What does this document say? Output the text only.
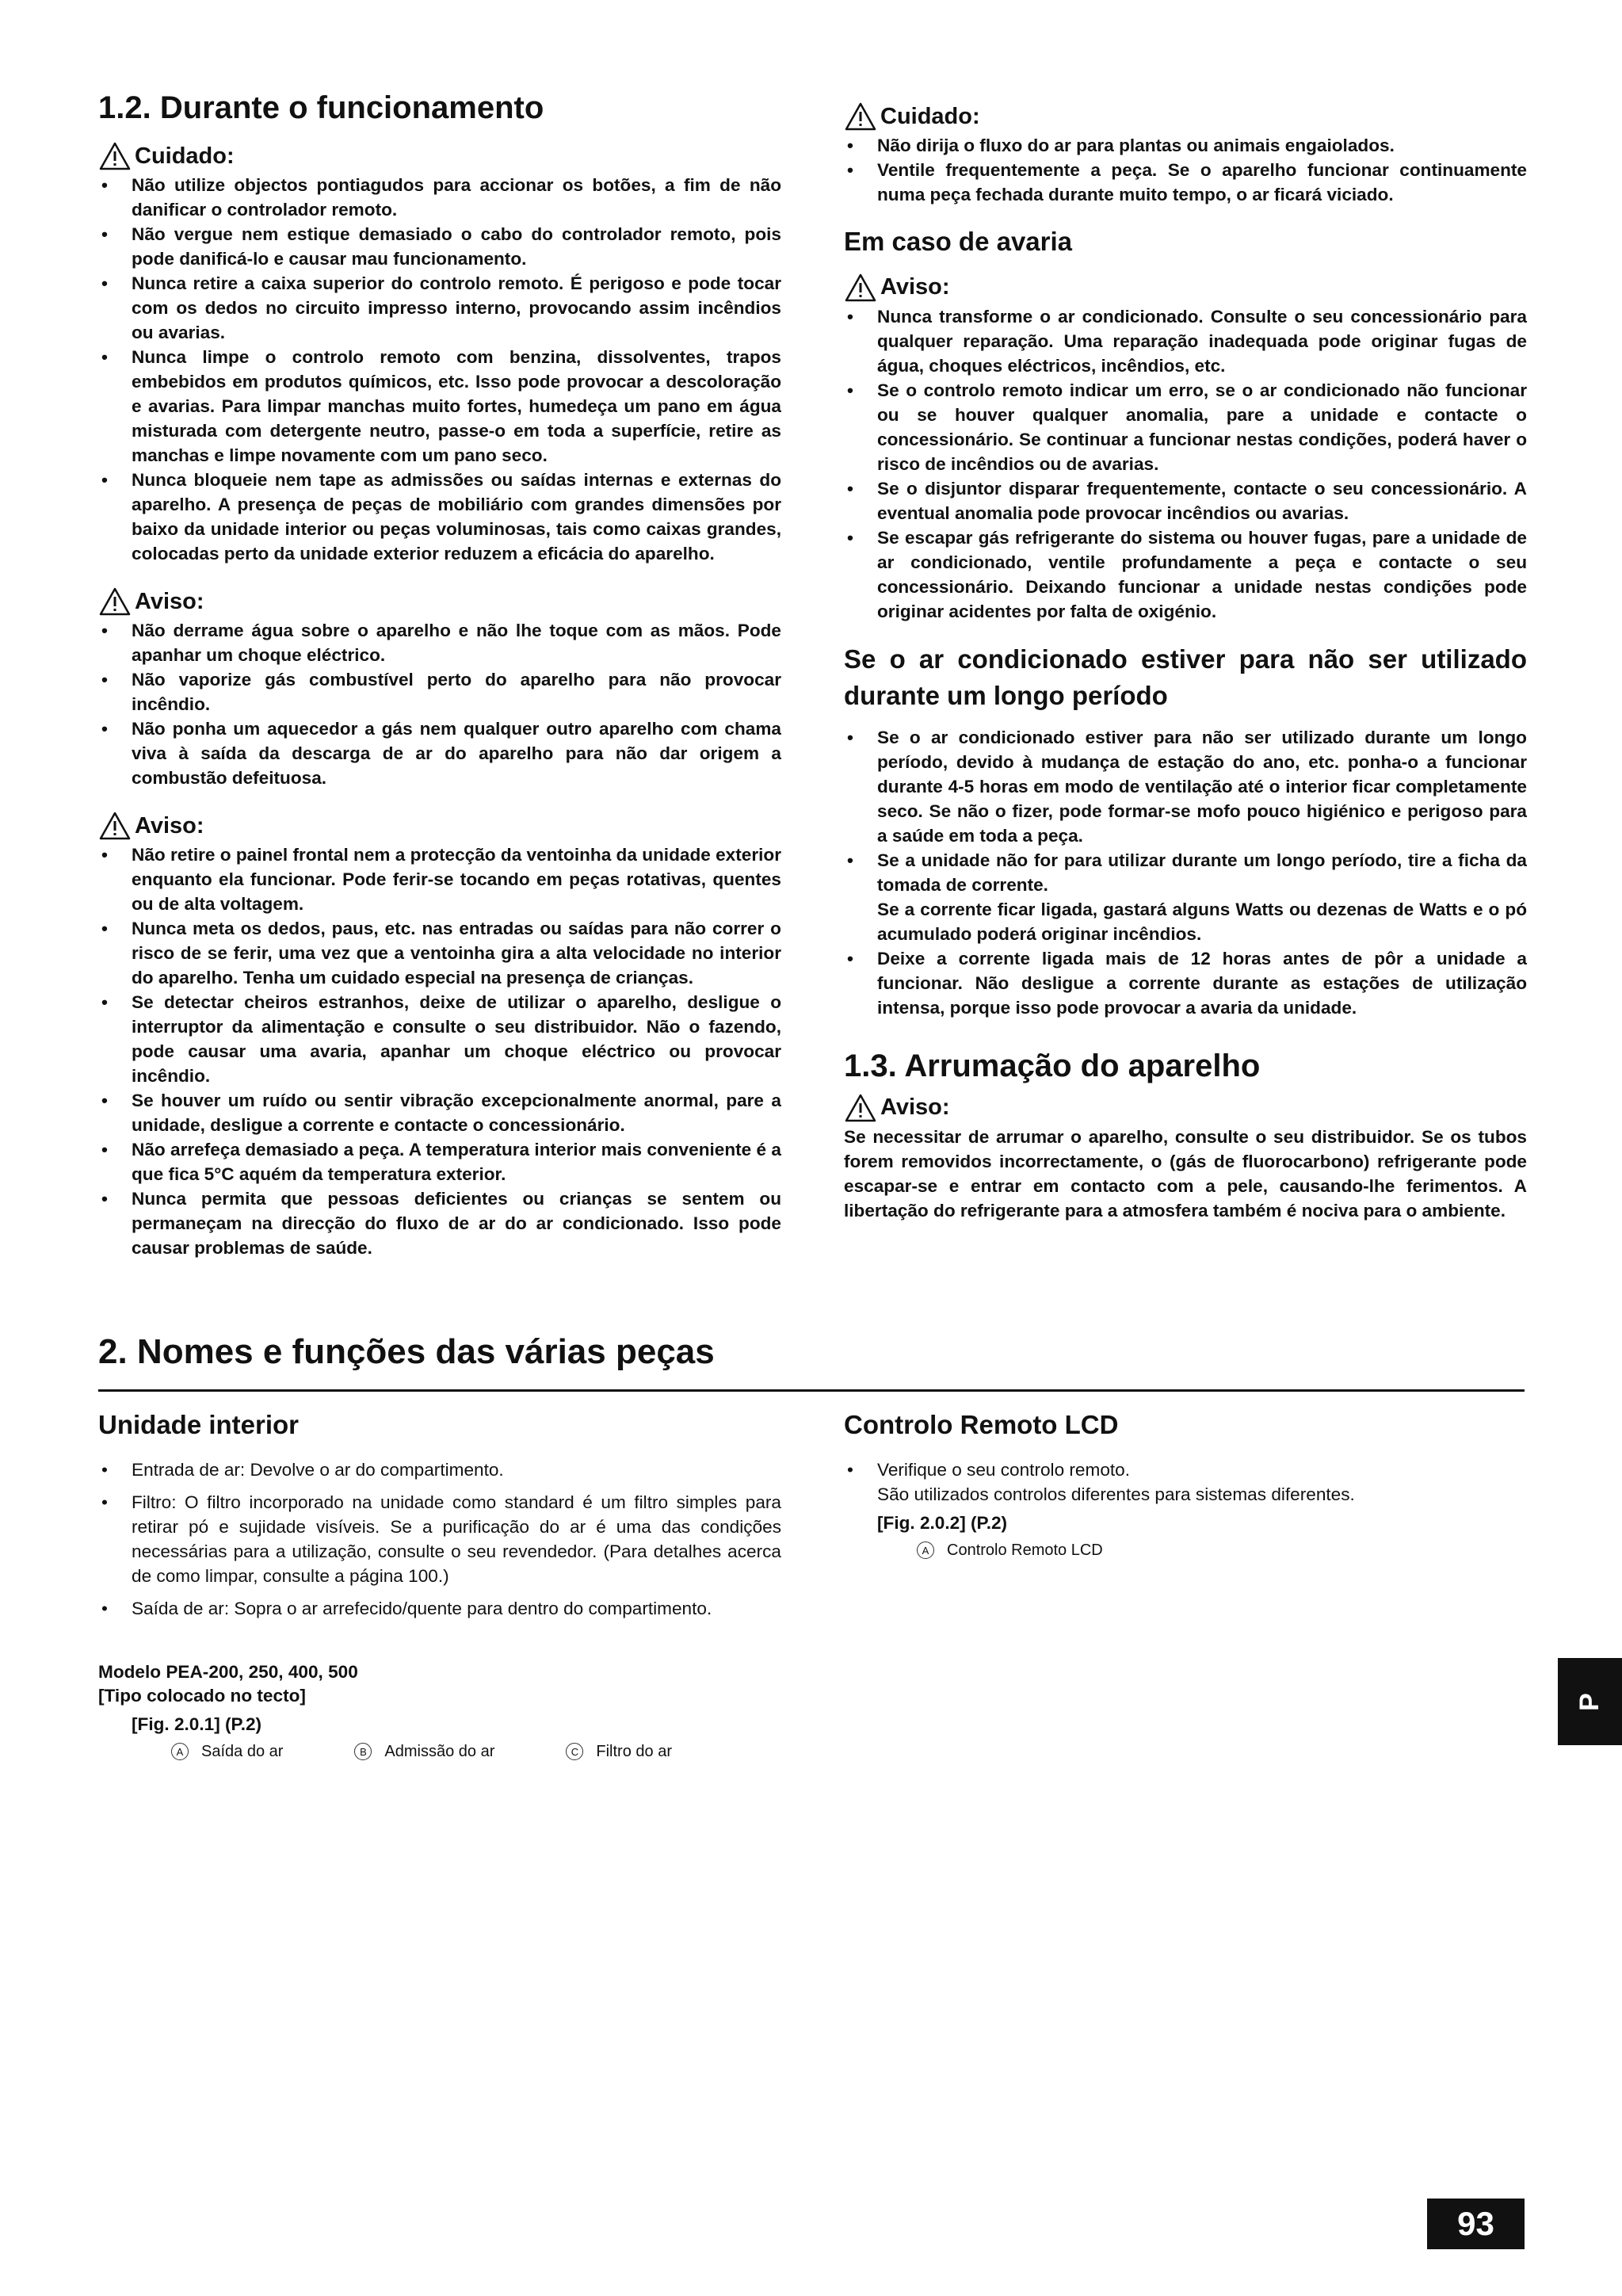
1.2. Durante o funcionamento
Cuidado:
• Não utilize objectos pontiagudos para accionar os botões, a fim de não danificar o controlador remoto.
• Não vergue nem estique demasiado o cabo do controlador remoto, pois pode danificá-lo e causar mau funcionamento.
• Nunca retire a caixa superior do controlo remoto. É perigoso e pode tocar com os dedos no circuito impresso interno, provocando assim incêndios ou avarias.
• Nunca limpe o controlo remoto com benzina, dissolventes, trapos embebidos em produtos químicos, etc. Isso pode provocar a descoloração e avarias. Para limpar manchas muito fortes, humedeça um pano em água misturada com detergente neutro, passe-o em toda a superfície, retire as manchas e limpe novamente com um pano seco.
• Nunca bloqueie nem tape as admissões ou saídas internas e externas do aparelho. A presença de peças de mobiliário com grandes dimensões por baixo da unidade interior ou peças voluminosas, tais como caixas grandes, colocadas perto da unidade exterior reduzem a eficácia do aparelho.
Aviso:
• Não derrame água sobre o aparelho e não lhe toque com as mãos. Pode apanhar um choque eléctrico.
• Não vaporize gás combustível perto do aparelho para não provocar incêndio.
• Não ponha um aquecedor a gás nem qualquer outro aparelho com chama viva à saída da descarga de ar do aparelho para não dar origem a combustão defeituosa.
Aviso:
• Não retire o painel frontal nem a protecção da ventoinha da unidade exterior enquanto ela funcionar. Pode ferir-se tocando em peças rotativas, quentes ou de alta voltagem.
• Nunca meta os dedos, paus, etc. nas entradas ou saídas para não correr o risco de se ferir, uma vez que a ventoinha gira a alta velocidade no interior do aparelho. Tenha um cuidado especial na presença de crianças.
• Se detectar cheiros estranhos, deixe de utilizar o aparelho, desligue o interruptor da alimentação e consulte o seu distribuidor. Não o fazendo, pode causar uma avaria, apanhar um choque eléctrico ou provocar incêndio.
• Se houver um ruído ou sentir vibração excepcionalmente anormal, pare a unidade, desligue a corrente e contacte o concessionário.
• Não arrefeça demasiado a peça. A temperatura interior mais conveniente é a que fica 5°C aquém da temperatura exterior.
• Nunca permita que pessoas deficientes ou crianças se sentem ou permaneçam na direcção do fluxo de ar do ar condicionado. Isso pode causar problemas de saúde.
Cuidado:
• Não dirija o fluxo do ar para plantas ou animais engaiolados.
• Ventile frequentemente a peça. Se o aparelho funcionar continuamente numa peça fechada durante muito tempo, o ar ficará viciado.
Em caso de avaria
Aviso:
• Nunca transforme o ar condicionado. Consulte o seu concessionário para qualquer reparação. Uma reparação inadequada pode originar fugas de água, choques eléctricos, incêndios, etc.
• Se o controlo remoto indicar um erro, se o ar condicionado não funcionar ou se houver qualquer anomalia, pare a unidade e contacte o concessionário. Se continuar a funcionar nestas condições, poderá haver o risco de incêndios ou de avarias.
• Se o disjuntor disparar frequentemente, contacte o seu concessionário. A eventual anomalia pode provocar incêndios ou avarias.
• Se escapar gás refrigerante do sistema ou houver fugas, pare a unidade de ar condicionado, ventile profundamente a peça e contacte o seu concessionário. Deixando funcionar a unidade nestas condições pode originar acidentes por falta de oxigénio.
Se o ar condicionado estiver para não ser utilizado durante um longo período
• Se o ar condicionado estiver para não ser utilizado durante um longo período, devido à mudança de estação do ano, etc. ponha-o a funcionar durante 4-5 horas em modo de ventilação até o interior ficar completamente seco. Se não o fizer, pode formar-se mofo pouco higiénico e perigoso para a saúde em toda a peça.
• Se a unidade não for para utilizar durante um longo período, tire a ficha da tomada de corrente.
Se a corrente ficar ligada, gastará alguns Watts ou dezenas de Watts e o pó acumulado poderá originar incêndios.
• Deixe a corrente ligada mais de 12 horas antes de pôr a unidade a funcionar. Não desligue a corrente durante as estações de utilização intensa, porque isso pode provocar a avaria da unidade.
1.3. Arrumação do aparelho
Aviso:

Se necessitar de arrumar o aparelho, consulte o seu distribuidor. Se os tubos forem removidos incorrectamente, o (gás de fluorocarbono) refrigerante pode escapar-se e entrar em contacto com a pele, causando-lhe ferimentos. A libertação do refrigerante para a atmosfera também é nociva para o ambiente.

2. Nomes e funções das várias peças
Unidade interior
• Entrada de ar: Devolve o ar do compartimento.
• Filtro: O filtro incorporado na unidade como standard é um filtro simples para retirar pó e sujidade visíveis. Se a purificação do ar é uma das condições necessárias para a utilização, consulte o seu revendedor. (Para detalhes acerca de como limpar, consulte a página 100.)
• Saída de ar: Sopra o ar arrefecido/quente para dentro do compartimento.
Modelo PEA-200, 250, 400, 500
[Tipo colocado no tecto]
[Fig. 2.0.1] (P.2)
A	Saída do ar	B	Admissão do ar	C	Filtro do ar
Controlo Remoto LCD
• Verifique o seu controlo remoto.
São utilizados controlos diferentes para sistemas diferentes.
[Fig. 2.0.2] (P.2)
A	Controlo Remoto LCD
P
93
